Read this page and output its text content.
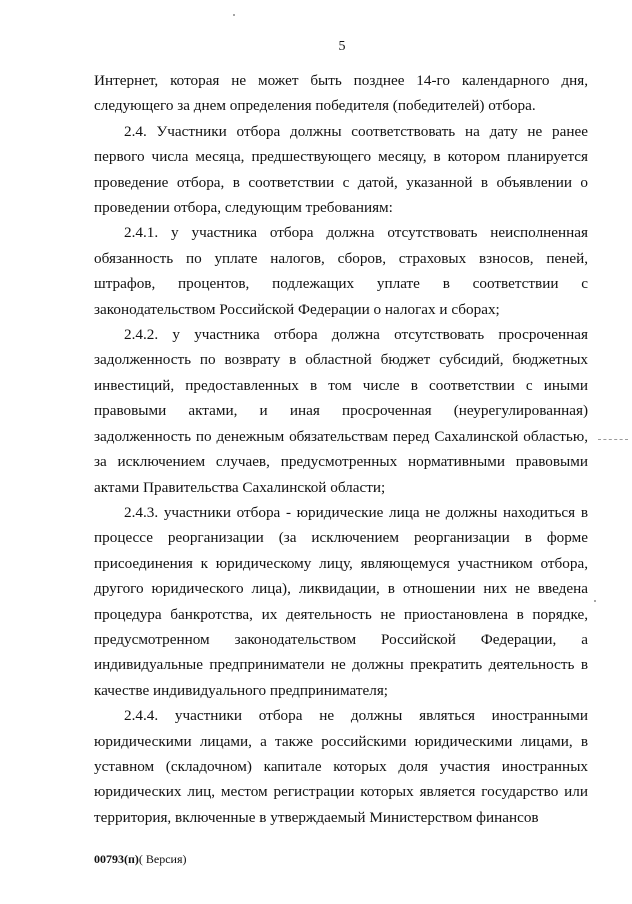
5

Интернет, которая не может быть позднее 14-го календарного дня, следующего за днем определения победителя (победителей) отбора.

2.4. Участники отбора должны соответствовать на дату не ранее первого числа месяца, предшествующего месяцу, в котором планируется проведение отбора, в соответствии с датой, указанной в объявлении о проведении отбора, следующим требованиям:

2.4.1. у участника отбора должна отсутствовать неисполненная обязанность по уплате налогов, сборов, страховых взносов, пеней, штрафов, процентов, подлежащих уплате в соответствии с законодательством Российской Федерации о налогах и сборах;

2.4.2. у участника отбора должна отсутствовать просроченная задолженность по возврату в областной бюджет субсидий, бюджетных инвестиций, предоставленных в том числе в соответствии с иными правовыми актами, и иная просроченная (неурегулированная) задолженность по денежным обязательствам перед Сахалинской областью, за исключением случаев, предусмотренных нормативными правовыми актами Правительства Сахалинской области;

2.4.3. участники отбора - юридические лица не должны находиться в процессе реорганизации (за исключением реорганизации в форме присоединения к юридическому лицу, являющемуся участником отбора, другого юридического лица), ликвидации, в отношении них не введена процедура банкротства, их деятельность не приостановлена в порядке, предусмотренном законодательством Российской Федерации, а индивидуальные предприниматели не должны прекратить деятельность в качестве индивидуального предпринимателя;

2.4.4. участники отбора не должны являться иностранными юридическими лицами, а также российскими юридическими лицами, в уставном (складочном) капитале которых доля участия иностранных юридических лиц, местом регистрации которых является государство или территория, включенные в утверждаемый Министерством финансов

00793(п)( Версия)
